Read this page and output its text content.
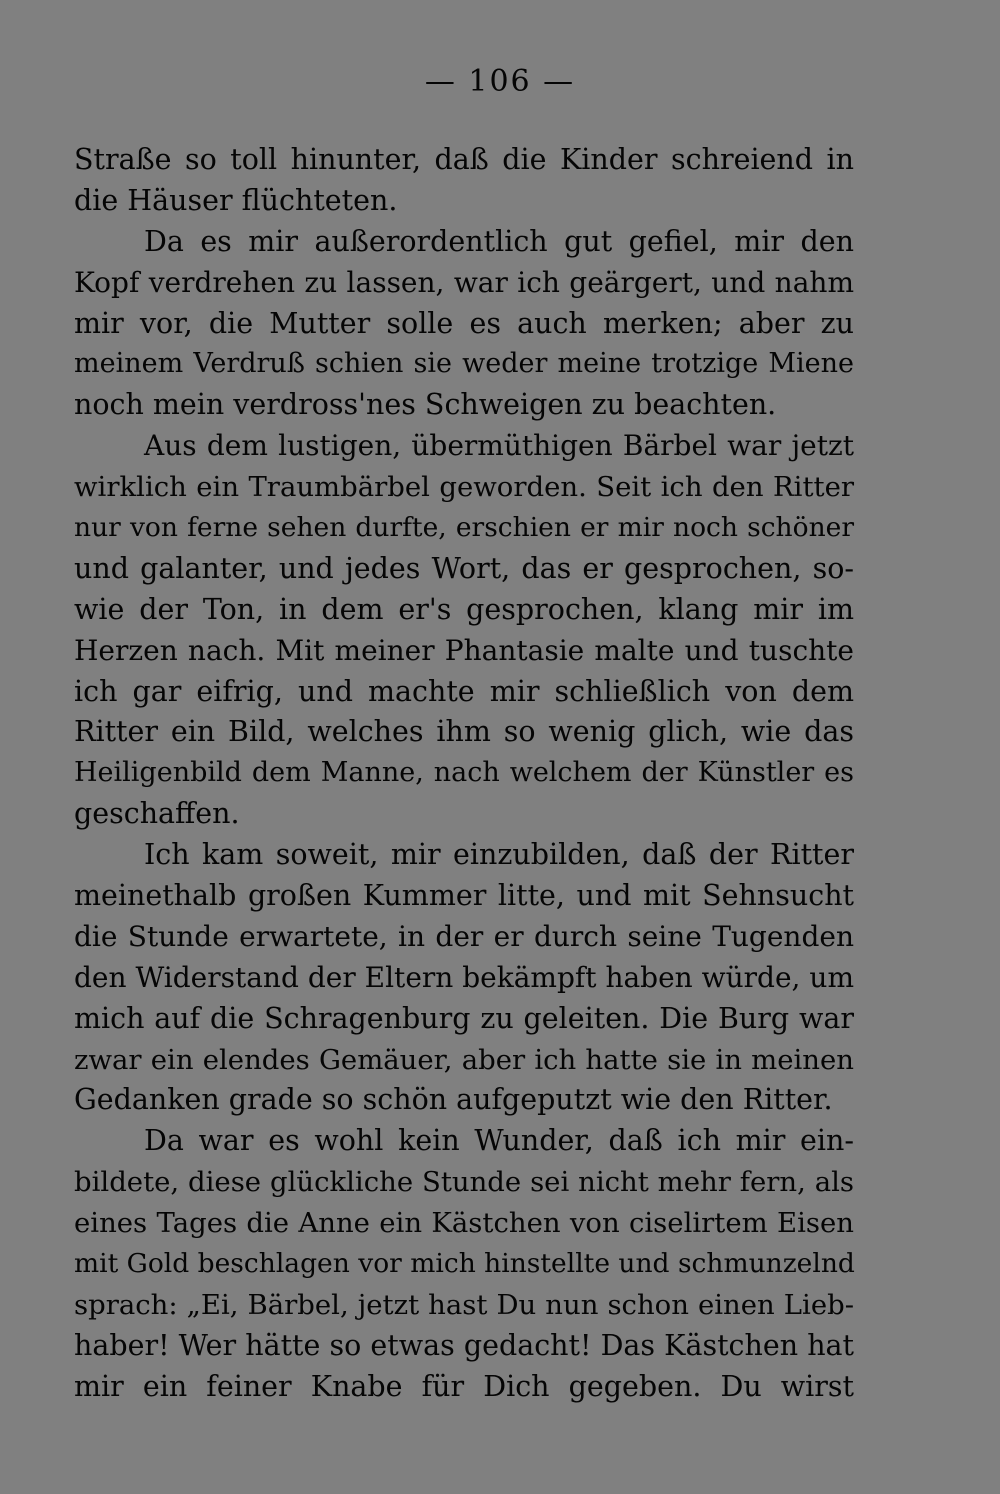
— 106 —
Straße so toll hinunter, daß die Kinder schreiend in
die Häuser flüchteten.
Da es mir außerordentlich gut gefiel, mir den
Kopf verdrehen zu lassen, war ich geärgert, und nahm
mir vor, die Mutter solle es auch merken; aber zu
meinem Verdruß schien sie weder meine trotzige Miene
noch mein verdross'nes Schweigen zu beachten.
Aus dem lustigen, übermüthigen Bärbel war jetzt
wirklich ein Traumbärbel geworden. Seit ich den Ritter
nur von ferne sehen durfte, erschien er mir noch schöner
und galanter, und jedes Wort, das er gesprochen, so-
wie der Ton, in dem er's gesprochen, klang mir im
Herzen nach. Mit meiner Phantasie malte und tuschte
ich gar eifrig, und machte mir schließlich von dem
Ritter ein Bild, welches ihm so wenig glich, wie das
Heiligenbild dem Manne, nach welchem der Künstler es
geschaffen.
Ich kam soweit, mir einzubilden, daß der Ritter
meinethalb großen Kummer litte, und mit Sehnsucht
die Stunde erwartete, in der er durch seine Tugenden
den Widerstand der Eltern bekämpft haben würde, um
mich auf die Schragenburg zu geleiten. Die Burg war
zwar ein elendes Gemäuer, aber ich hatte sie in meinen
Gedanken grade so schön aufgeputzt wie den Ritter.
Da war es wohl kein Wunder, daß ich mir ein-
bildete, diese glückliche Stunde sei nicht mehr fern, als
eines Tages die Anne ein Kästchen von ciselirtem Eisen
mit Gold beschlagen vor mich hinstellte und schmunzelnd
sprach: „Ei, Bärbel, jetzt hast Du nun schon einen Lieb-
haber! Wer hätte so etwas gedacht! Das Kästchen hat
mir ein feiner Knabe für Dich gegeben. Du wirst
